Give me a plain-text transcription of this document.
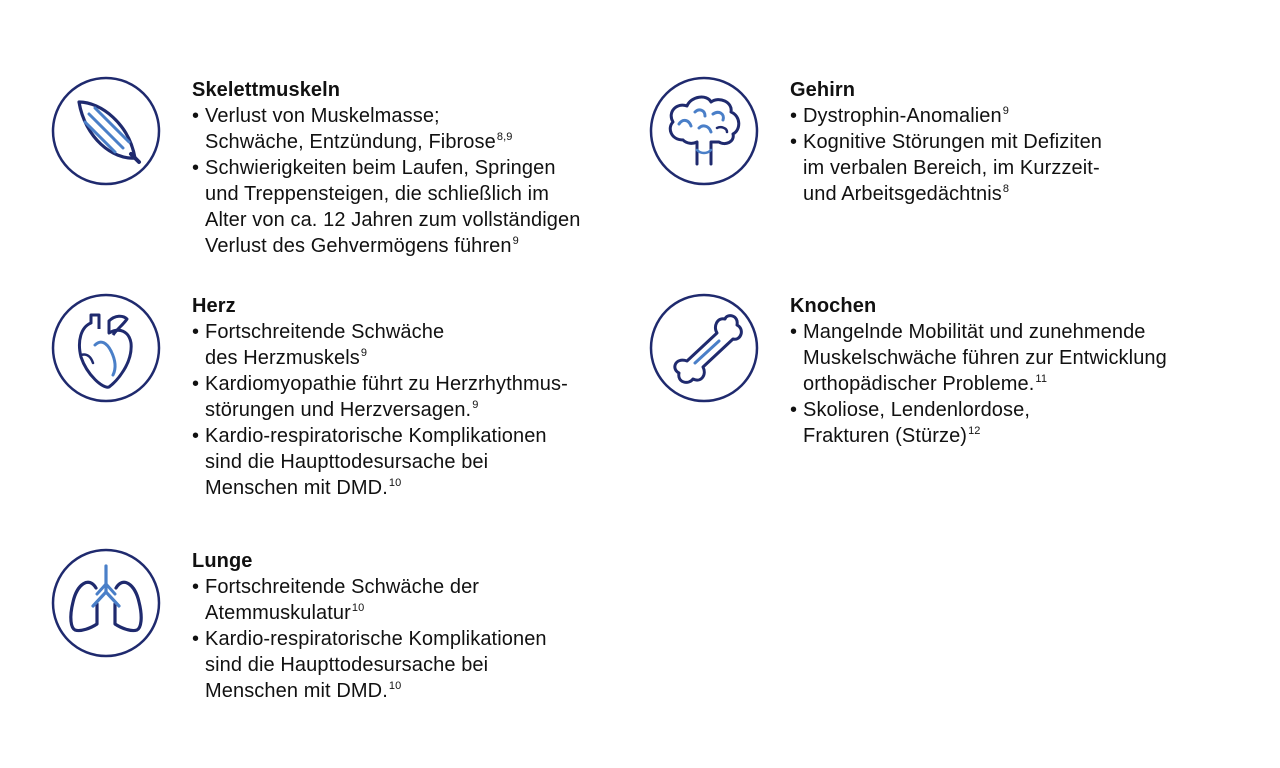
Skelettmuskeln
• Verlust von Muskelmasse;
Schwäche, Entzündung, Fibrose$^{8,9}$
• Schwierigkeiten beim Laufen, Springen
und Treppensteigen, die schließlich im
Alter von ca. 12 Jahren zum vollständigen
Verlust des Gehvermögens führen$^9$
Herz
• Fortschreitende Schwäche
des Herzmuskels$^9$
• Kardiomyopathie führt zu Herzrhythmus-
störungen und Herzversagen.$^9$
• Kardio-respiratorische Komplikationen
sind die Haupttodesursache bei
Menschen mit DMD.$^{10}$
Lunge
• Fortschreitende Schwäche der
Atemmuskulatur$^{10}$
• Kardio-respiratorische Komplikationen
sind die Haupttodesursache bei
Menschen mit DMD.$^{10}$
Gehirn
• Dystrophin-Anomalien$^9$
• Kognitive Störungen mit Defiziten
im verbalen Bereich, im Kurzzeit-
und Arbeitsgedächtnis$^8$
Knochen
• Mangelnde Mobilität und zunehmende
Muskelschwäche führen zur Entwicklung
orthopädischer Probleme.$^{11}$
• Skoliose, Lendenlordose,
Frakturen (Stürze)$^{12}$
